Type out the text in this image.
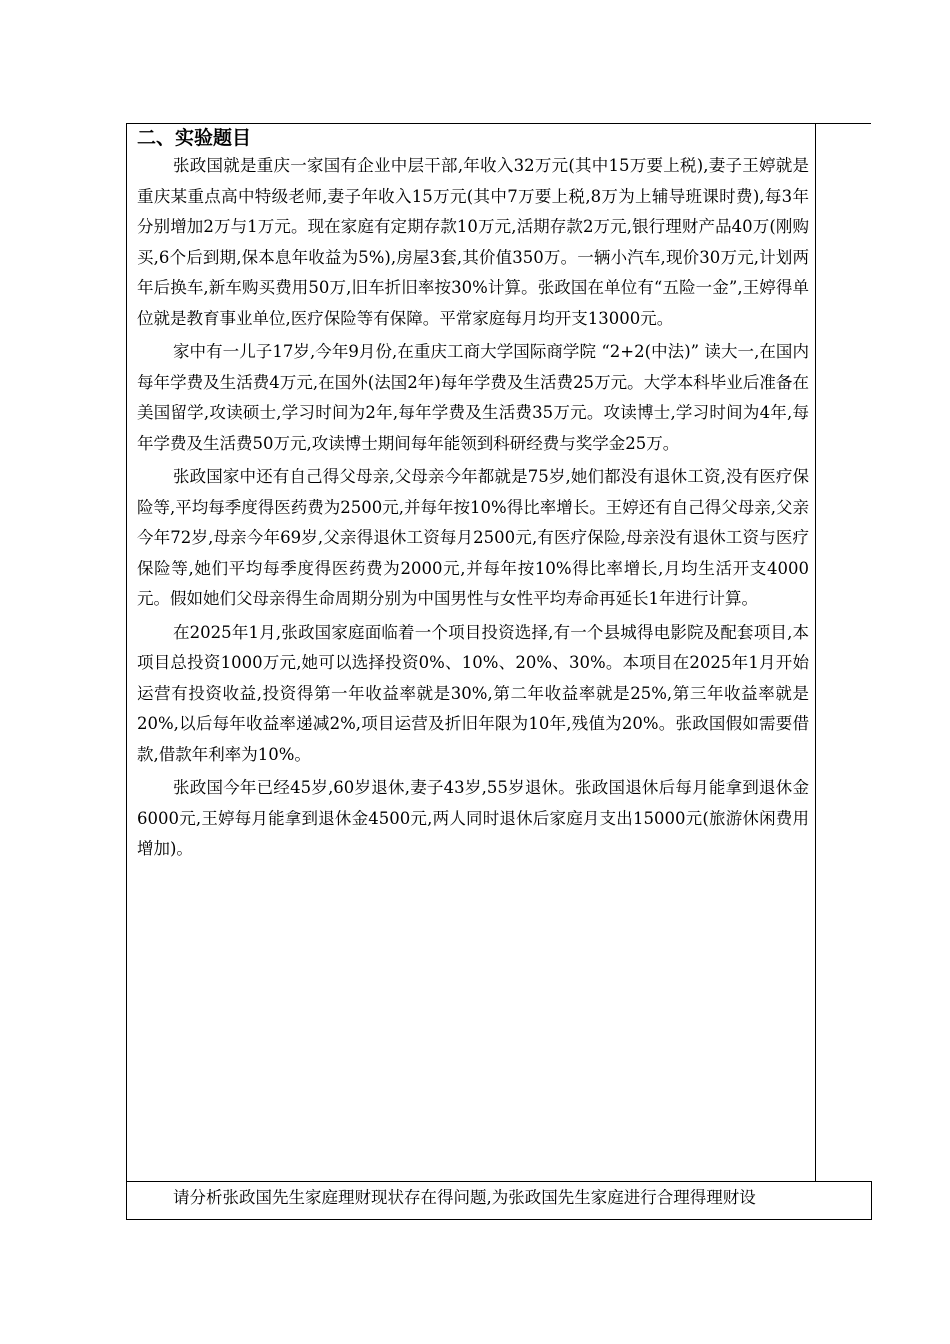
二、实验题目

张政国就是重庆一家国有企业中层干部,年收入32万元(其中15万要上税),妻子王婷就是重庆某重点高中特级老师,妻子年收入15万元(其中7万要上税,8万为上辅导班课时费),每3年分别增加2万与1万元。现在家庭有定期存款10万元,活期存款2万元,银行理财产品40万(刚购买,6个后到期,保本息年收益为5%),房屋3套,其价值350万。一辆小汽车,现价30万元,计划两年后换车,新车购买费用50万,旧车折旧率按30%计算。张政国在单位有“五险一金”,王婷得单位就是教育事业单位,医疗保险等有保障。平常家庭每月均开支13000元。

家中有一儿子17岁,今年9月份,在重庆工商大学国际商学院 “2+2(中法)” 读大一,在国内每年学费及生活费4万元,在国外(法国2年)每年学费及生活费25万元。大学本科毕业后准备在美国留学,攻读硕士,学习时间为2年,每年学费及生活费35万元。攻读博士,学习时间为4年,每年学费及生活费50万元,攻读博士期间每年能领到科研经费与奖学金25万。

张政国家中还有自己得父母亲,父母亲今年都就是75岁,她们都没有退休工资,没有医疗保险等,平均每季度得医药费为2500元,并每年按10%得比率增长。王婷还有自己得父母亲,父亲今年72岁,母亲今年69岁,父亲得退休工资每月2500元,有医疗保险,母亲没有退休工资与医疗保险等,她们平均每季度得医药费为2000元,并每年按10%得比率增长,月均生活开支4000元。假如她们父母亲得生命周期分别为中国男性与女性平均寿命再延长1年进行计算。

在2025年1月,张政国家庭面临着一个项目投资选择,有一个县城得电影院及配套项目,本项目总投资1000万元,她可以选择投资0%、10%、20%、30%。本项目在2025年1月开始运营有投资收益,投资得第一年收益率就是30%,第二年收益率就是25%,第三年收益率就是20%,以后每年收益率递减2%,项目运营及折旧年限为10年,残值为20%。张政国假如需要借款,借款年利率为10%。

张政国今年已经45岁,60岁退休,妻子43岁,55岁退休。张政国退休后每月能拿到退休金6000元,王婷每月能拿到退休金4500元,两人同时退休后家庭月支出15000元(旅游休闲费用增加)。

请分析张政国先生家庭理财现状存在得问题,为张政国先生家庭进行合理得理财设
